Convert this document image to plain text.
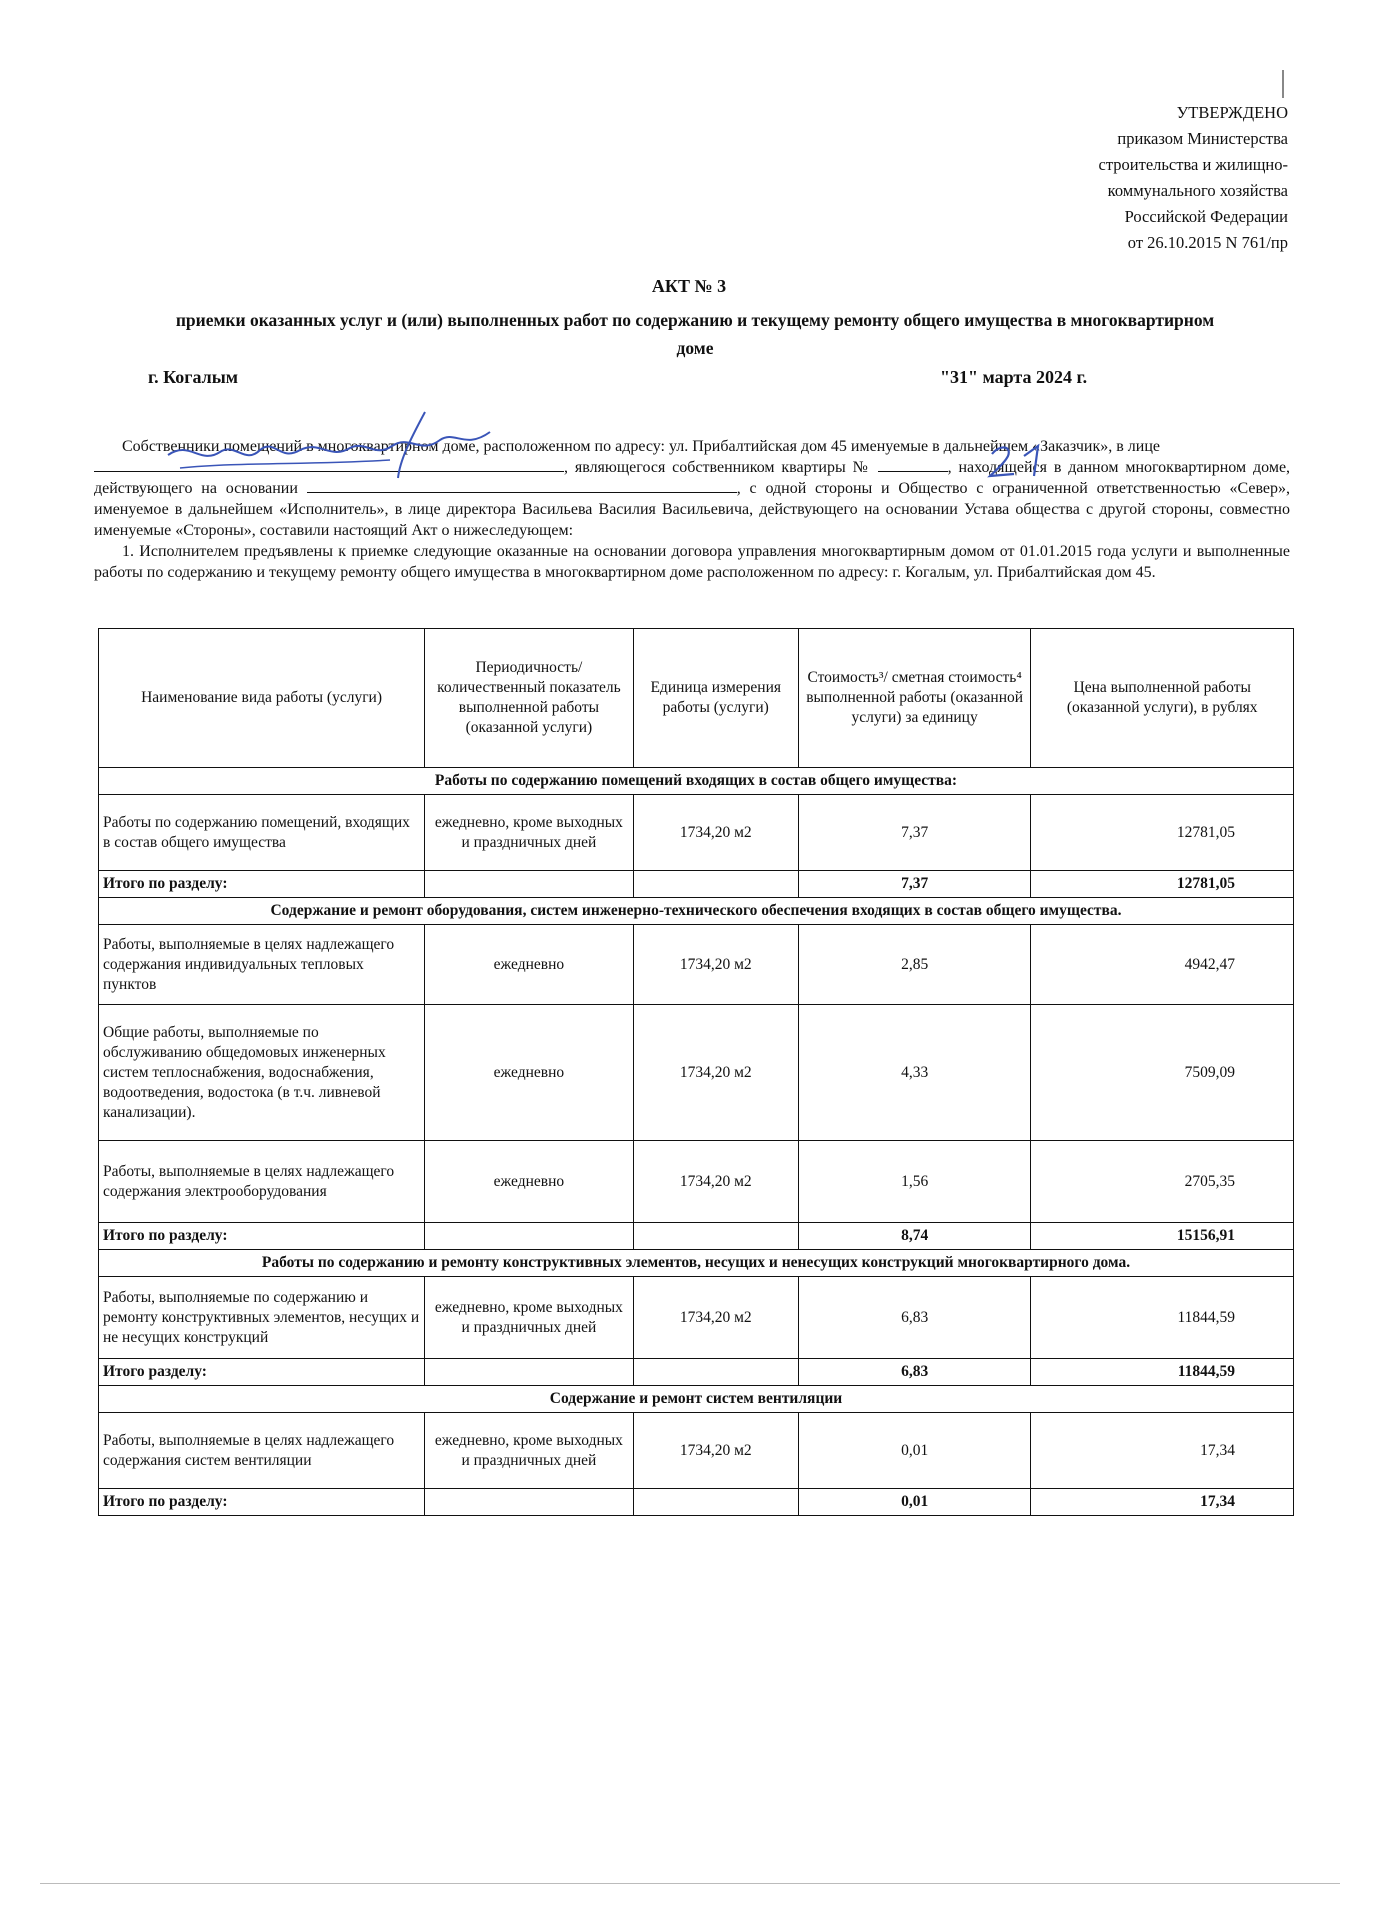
УТВЕРЖДЕНО
приказом Министерства
строительства и жилищно-
коммунального хозяйства
Российской Федерации
от 26.10.2015 N 761/пр
АКТ № 3
приемки оказанных услуг и (или) выполненных работ по содержанию и текущему ремонту общего имущества в многоквартирном доме
г. Когалым	"31" марта 2024 г.

Собственники помещений в многоквартирном доме, расположенном по адресу: ул. Прибалтийская дом 45 именуемые в дальнейшем «Заказчик», в лице
, являющегося собственником квартиры №	, находящейся в данном многоквартирном доме, действующего на основании	, с одной стороны и Общество с ограниченной ответственностью «Север», именуемое в дальнейшем «Исполнитель», в лице директора Васильева Василия Васильевича, действующего на основании Устава общества с другой стороны, совместно именуемые «Стороны», составили настоящий Акт о нижеследующем:

1. Исполнителем предъявлены к приемке следующие оказанные на основании договора управления многоквартирным домом от 01.01.2015 года услуги и выполненные работы по содержанию и текущему ремонту общего имущества в многоквартирном доме расположенном по адресу: г. Когалым, ул. Прибалтийская дом 45.

Наименование вида работы (услуги)	Периодичность/ количественный показатель выполненной работы (оказанной услуги)	Единица измерения работы (услуги)	Стоимость³/ сметная стоимость⁴ выполненной работы (оказанной услуги) за единицу	Цена выполненной работы (оказанной услуги), в рублях
Работы по содержанию помещений входящих в состав общего имущества:				
Работы по содержанию помещений, входящих в состав общего имущества	ежедневно, кроме выходных и праздничных дней	1734,20 м2	7,37	12781,05
Итого по разделу:			7,37	12781,05
Содержание и ремонт оборудования, систем инженерно-технического обеспечения входящих в состав общего имущества.				
Работы, выполняемые в целях надлежащего содержания индивидуальных тепловых пунктов	ежедневно	1734,20 м2	2,85	4942,47
Общие работы, выполняемые по обслуживанию общедомовых инженерных систем теплоснабжения, водоснабжения, водоотведения, водостока (в т.ч. ливневой канализации).	ежедневно	1734,20 м2	4,33	7509,09
Работы, выполняемые в целях надлежащего содержания электрооборудования	ежедневно	1734,20 м2	1,56	2705,35
Итого по разделу:			8,74	15156,91
Работы по содержанию и ремонту конструктивных элементов, несущих и ненесущих конструкций многоквартирного дома.				
Работы, выполняемые по содержанию и ремонту конструктивных элементов, несущих и не несущих конструкций	ежедневно, кроме выходных и праздничных дней	1734,20 м2	6,83	11844,59
Итого разделу:			6,83	11844,59
Содержание и ремонт систем вентиляции				
Работы, выполняемые в целях надлежащего содержания систем вентиляции	ежедневно, кроме выходных и праздничных дней	1734,20 м2	0,01	17,34
Итого по разделу:			0,01	17,34
